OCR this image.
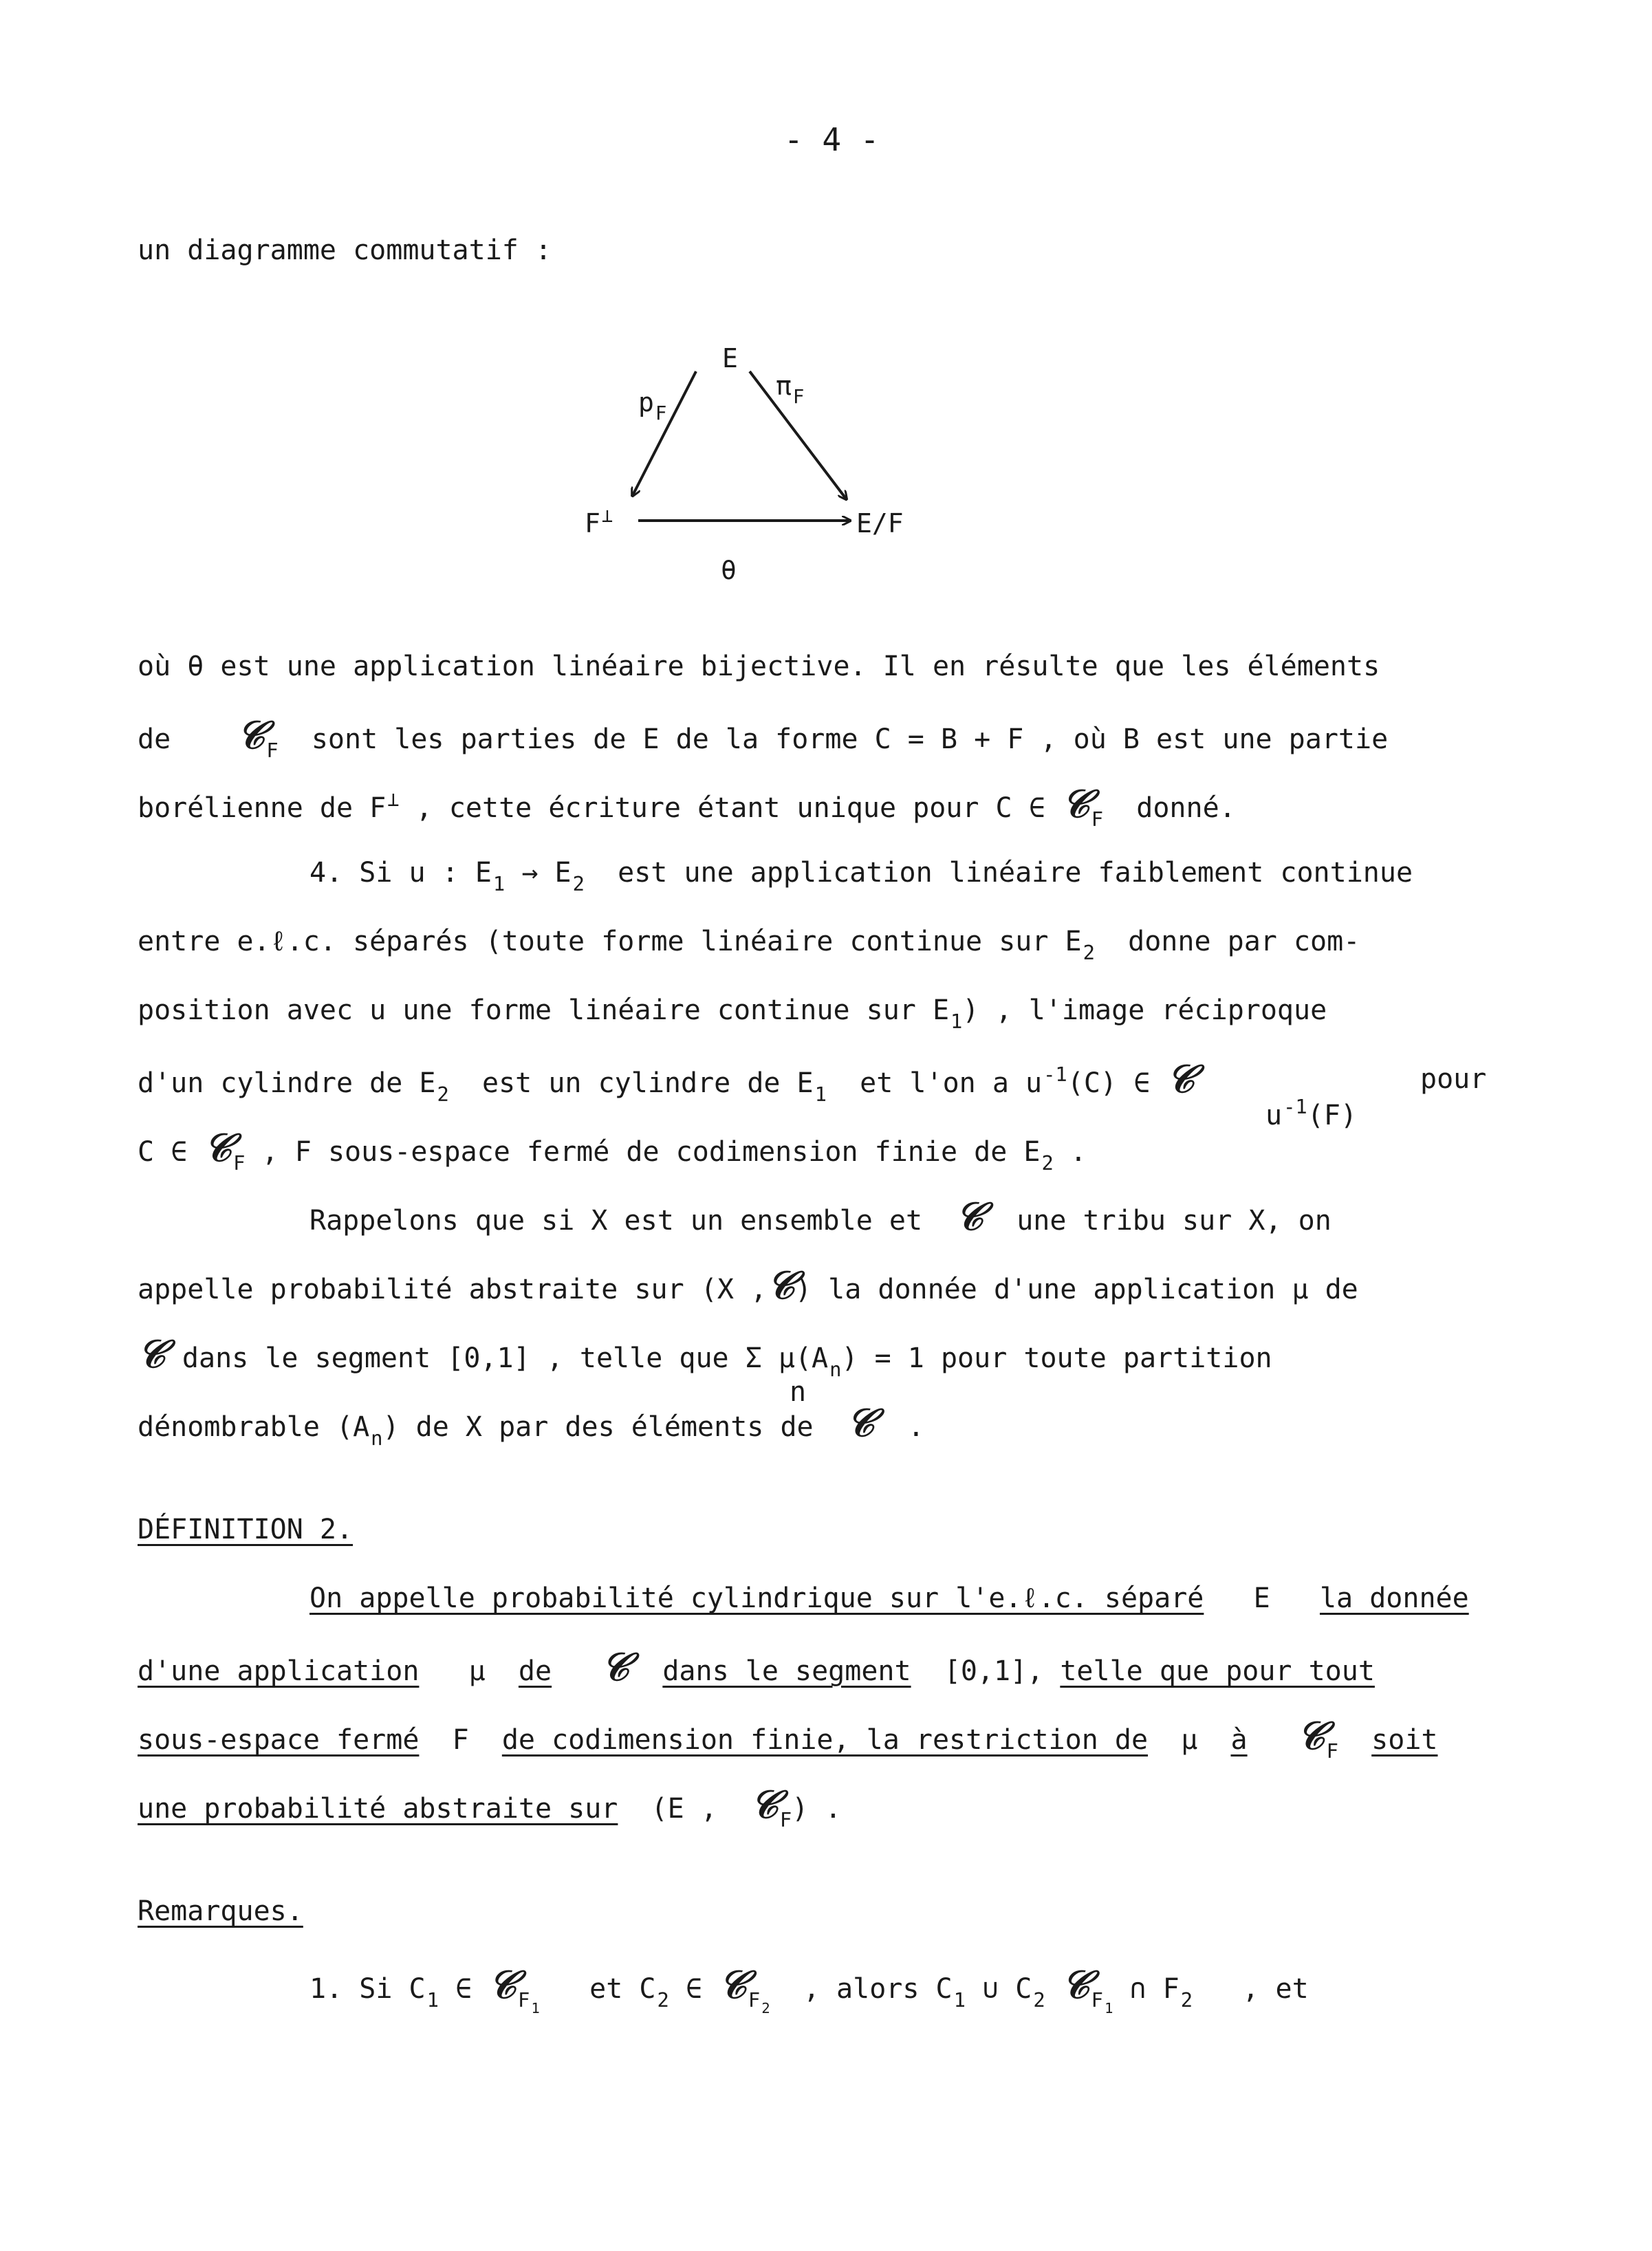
- 4 -
un diagramme commutatif :
E
$p_F$
$\pi_F$
F⊥	E/F
θ
où θ est une application linéaire bijective. Il en résulte que les éléments
de 𝒞$_F$ sont les parties de E de la forme C = B + F , où B est une partie
borélienne de F⊥ , cette écriture étant unique pour C ∈ 𝒞$_F$ donné.
4. Si u : $E_1 \to E_2$ est une application linéaire faiblement continue
entre e.ℓ.c. séparés (toute forme linéaire continue sur $E_2$ donne par com-
position avec u une forme linéaire continue sur $E_1$) , l'image réciproque
d'un cylindre de $E_2$ est un cylindre de $E_1$ et l'on a $u^{-1}(C)$ ∈ 𝒞	pour
$u^{-1}(F)$
C ∈ 𝒞$_F$ , F sous-espace fermé de codimension finie de $E_2$ .
Rappelons que si X est un ensemble et 𝒞 une tribu sur X, on
appelle probabilité abstraite sur (X ,𝒞) la donnée d'une application μ de
𝒞 dans le segment [0,1] , telle que Σ $\mu(A_n) = 1$ pour toute partition
n
dénombrable $(A_n)$ de X par des éléments de 𝒞 .
DÉFINITION 2.
On appelle probabilité cylindrique sur l'e.ℓ.c. séparé E la donnée
d'une application μ de 𝒞 dans le segment [0,1], telle que pour tout
sous-espace fermé F de codimension finie, la restriction de μ à 𝒞$_F$ soit
une probabilité abstraite sur (E , 𝒞$_F$) .
Remarques.
1. Si $C_1$ ∈ 𝒞$_{F_1}$   et $C_2$ ∈ 𝒞$_{F_2}$  , alors $C_1$ ∪ $C_2$ 𝒞$_{F_1}$ ∩ $F_2$ , et
